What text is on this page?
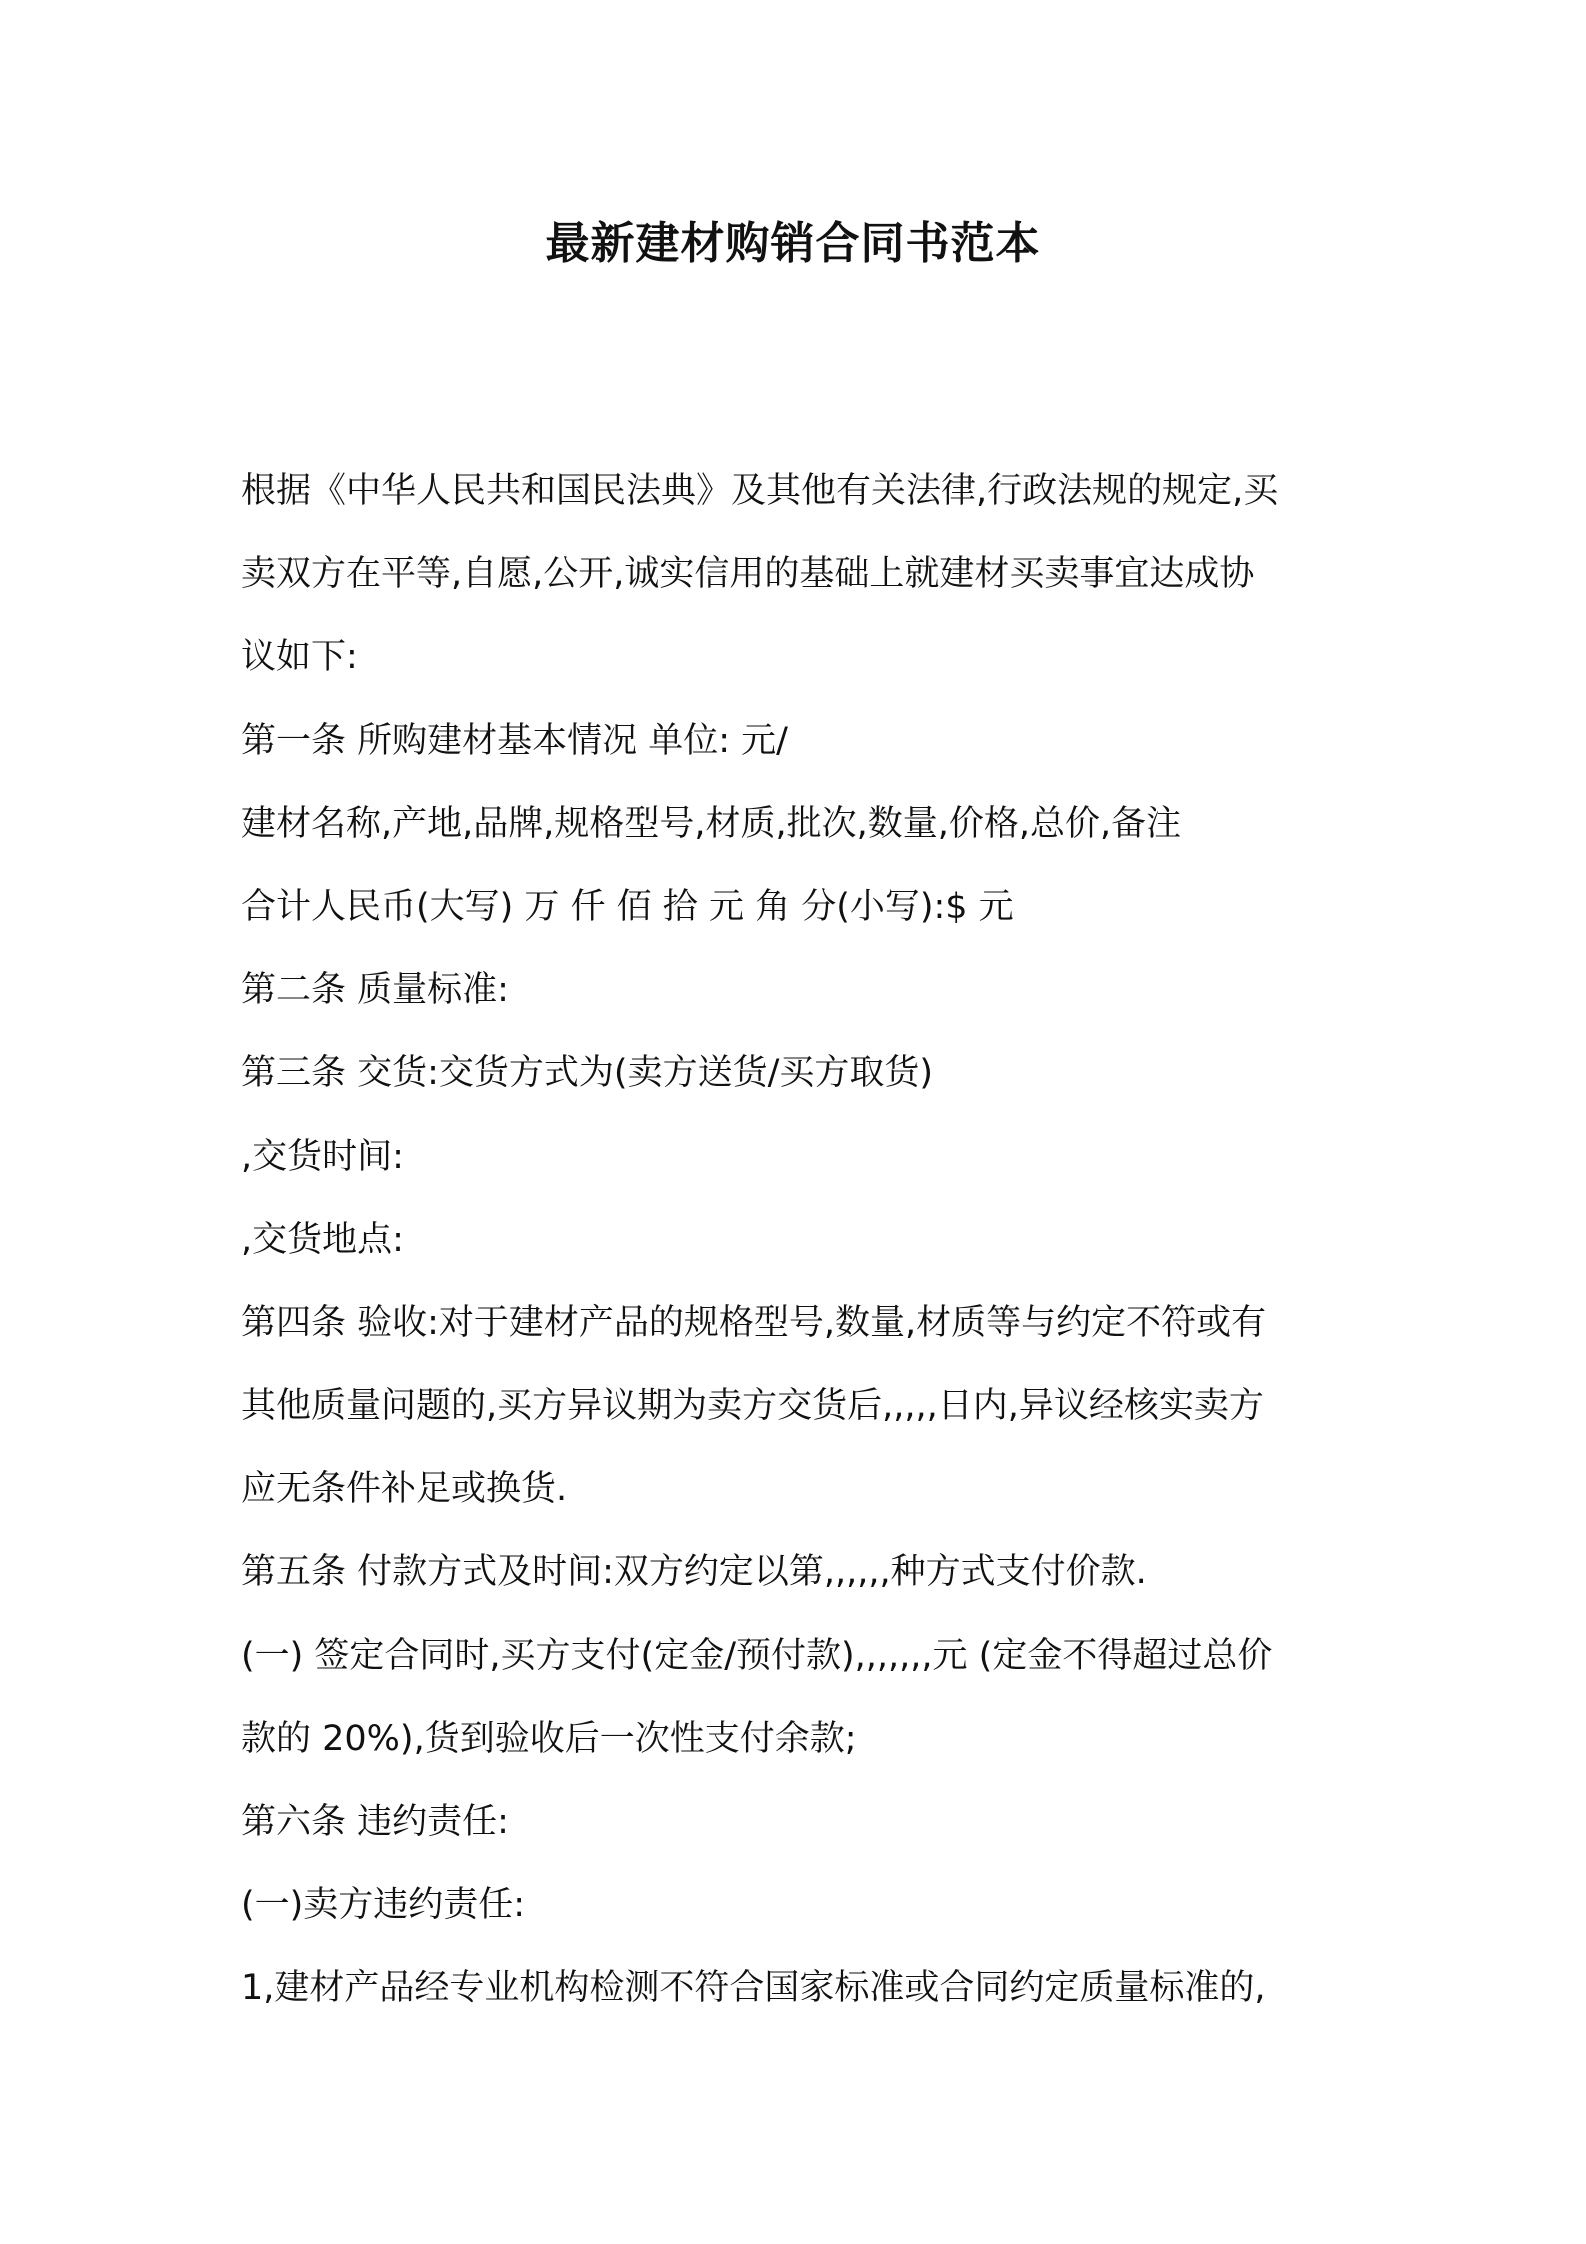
最新建材购销合同书范本

根据《中华人民共和国民法典》及其他有关法律,行政法规的规定,买

卖双方在平等,自愿,公开,诚实信用的基础上就建材买卖事宜达成协

议如下:

第一条 所购建材基本情况 单位: 元/

建材名称,产地,品牌,规格型号,材质,批次,数量,价格,总价,备注

合计人民币(大写) 万 仟 佰 拾 元 角 分(小写):$ 元

第二条 质量标准:

第三条 交货:交货方式为(卖方送货/买方取货)

,交货时间:

,交货地点:

第四条 验收:对于建材产品的规格型号,数量,材质等与约定不符或有

其他质量问题的,买方异议期为卖方交货后,,,,,日内,异议经核实卖方

应无条件补足或换货.

第五条 付款方式及时间:双方约定以第,,,,,,种方式支付价款.

(一) 签定合同时,买方支付(定金/预付款),,,,,,,元 (定金不得超过总价

款的 20%),货到验收后一次性支付余款;

第六条 违约责任:

(一)卖方违约责任:

1,建材产品经专业机构检测不符合国家标准或合同约定质量标准的,
